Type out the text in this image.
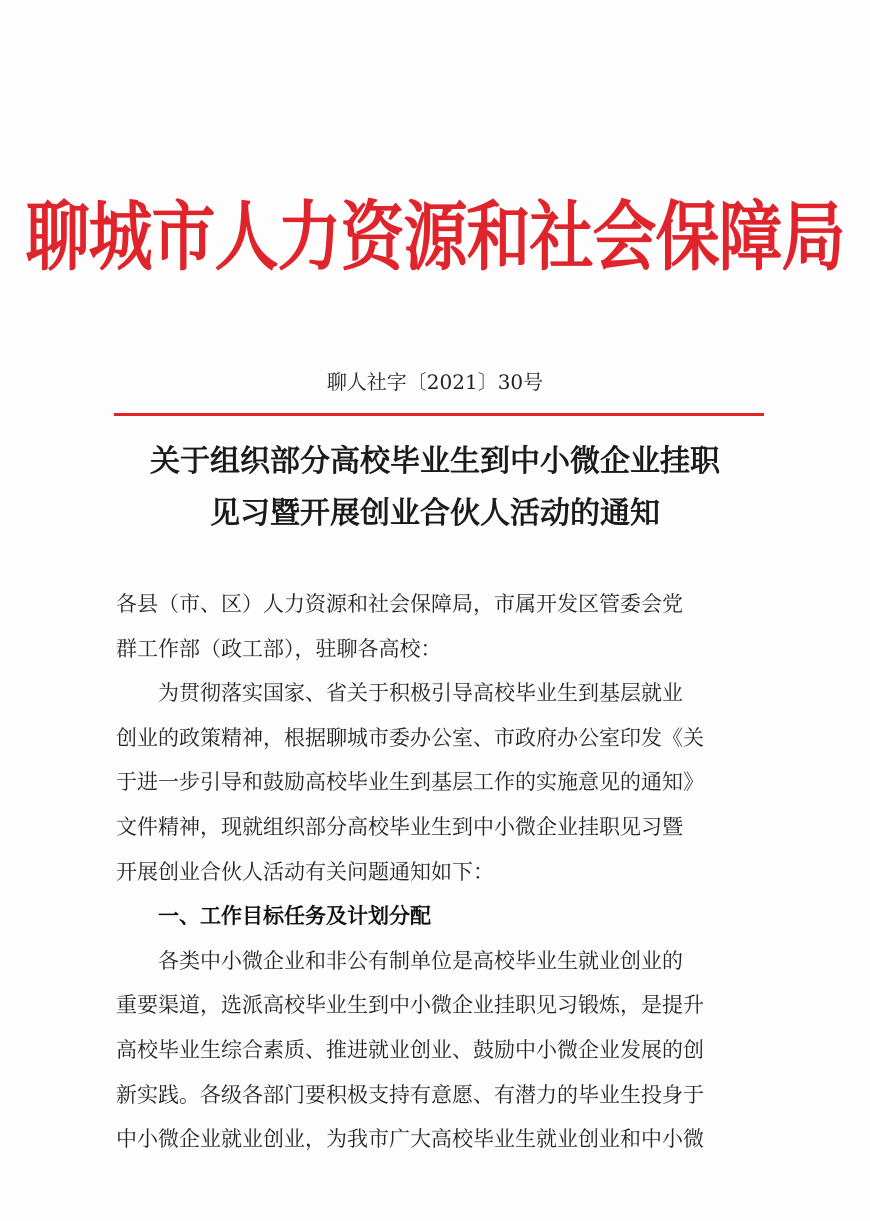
聊城市人力资源和社会保障局
聊人社字〔2021〕30号
关于组织部分高校毕业生到中小微企业挂职
见习暨开展创业合伙人活动的通知
各县（市、区）人力资源和社会保障局，市属开发区管委会党
群工作部（政工部），驻聊各高校：
为贯彻落实国家、省关于积极引导高校毕业生到基层就业
创业的政策精神，根据聊城市委办公室、市政府办公室印发《关
于进一步引导和鼓励高校毕业生到基层工作的实施意见的通知》
文件精神，现就组织部分高校毕业生到中小微企业挂职见习暨
开展创业合伙人活动有关问题通知如下：
一、工作目标任务及计划分配
各类中小微企业和非公有制单位是高校毕业生就业创业的
重要渠道，选派高校毕业生到中小微企业挂职见习锻炼，是提升
高校毕业生综合素质、推进就业创业、鼓励中小微企业发展的创
新实践。各级各部门要积极支持有意愿、有潜力的毕业生投身于
中小微企业就业创业，为我市广大高校毕业生就业创业和中小微
